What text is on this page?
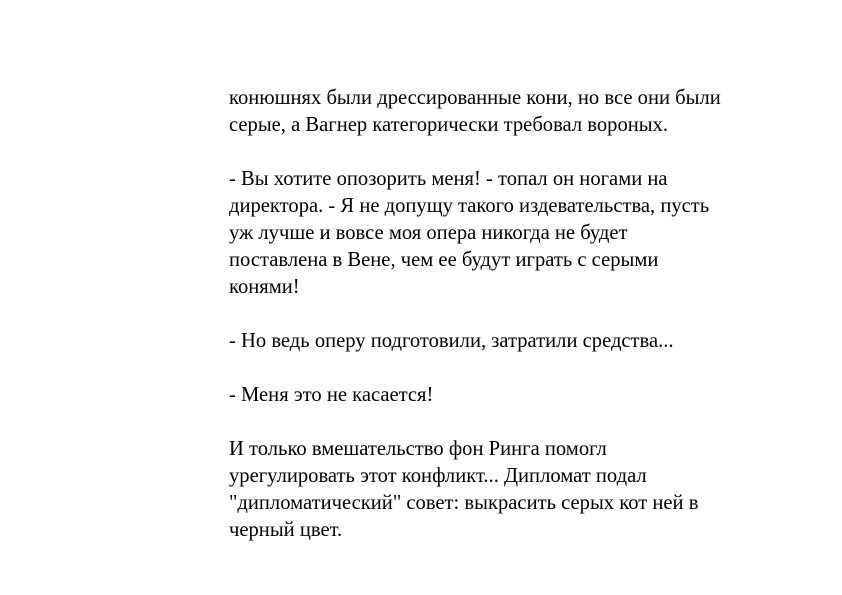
конюшнях были дрессированные кони, но все они были
серые, а Вагнер категорически требовал вороных.

- Вы хотите опозорить меня! - топал он ногами на
директора. - Я не допущу такого издевательства, пусть
уж лучше и вовсе моя опера никогда не будет
поставлена в Вене, чем ее будут играть с серыми
конями!

- Но ведь оперу подготовили, затратили средства...

- Меня это не касается!

И только вмешательство фон Ринга помогл
урегулировать этот конфликт... Дипломат подал
"дипломатический" совет: выкрасить серых кот ней в
черный цвет.
